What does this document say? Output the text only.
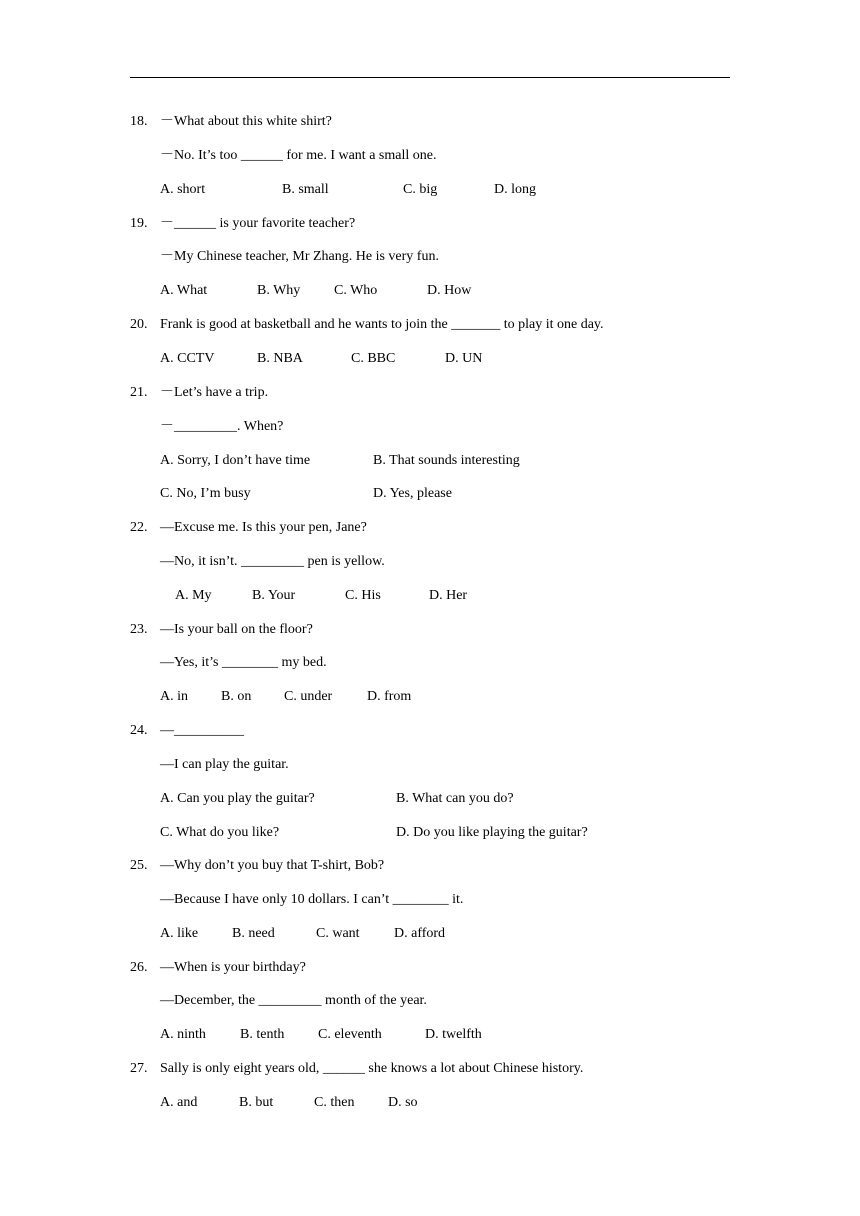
18. －What about this white shirt?
－No. It’s too ______ for me. I want a small one.
A. short	B. small	C. big	D. long
19. －______ is your favorite teacher?
－My Chinese teacher, Mr Zhang. He is very fun.
A. What	B. Why C. Who	D. How
20. Frank is good at basketball and he wants to join the _______ to play it one day.
A. CCTV	B. NBA	C. BBC	D. UN
21. －Let’s have a trip.
－_________. When?
A. Sorry, I don’t have time	B. That sounds interesting
C. No, I’m busy	D. Yes, please
22. —Excuse me. Is this your pen, Jane?
—No, it isn’t. _________ pen is yellow.
A. My	B. Your	C. His	D. Her
23. —Is your ball on the floor?
—Yes, it’s ________ my bed.
A. in B. on C. under D. from
24. —__________
—I can play the guitar.
A. Can you play the guitar?	B. What can you do?
C. What do you like?	D. Do you like playing the guitar?
25. —Why don’t you buy that T-shirt, Bob?
—Because I have only 10 dollars. I can’t ________ it.
A. like B. need	C. want D. afford
26. —When is your birthday?
—December, the _________ month of the year.
A. ninth B. tenth C. eleventh	D. twelfth
27. Sally is only eight years old, ______ she knows a lot about Chinese history.
A. and	B. but	C. then D. so
